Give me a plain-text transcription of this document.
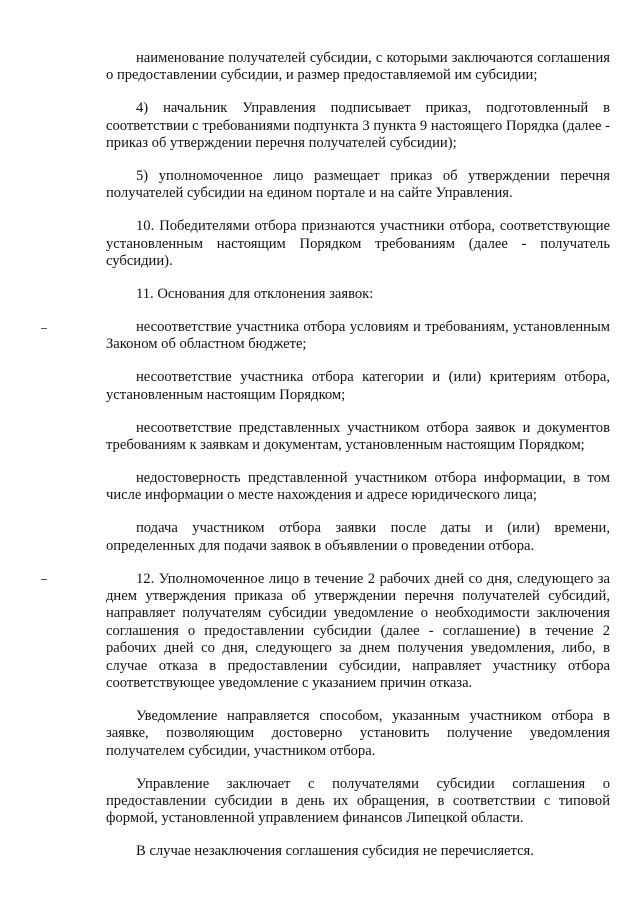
наименование получателей субсидии, с которыми заключаются соглашения о предоставлении субсидии, и размер предоставляемой им субсидии;

4) начальник Управления подписывает приказ, подготовленный в соответствии с требованиями подпункта 3 пункта 9 настоящего Порядка (далее - приказ об утверждении перечня получателей субсидии);

5) уполномоченное лицо размещает приказ об утверждении перечня получателей субсидии на едином портале и на сайте Управления.

10. Победителями отбора признаются участники отбора, соответствующие установленным настоящим Порядком требованиям (далее - получатель субсидии).

11. Основания для отклонения заявок:

несоответствие участника отбора условиям и требованиям, установленным Законом об областном бюджете;

несоответствие участника отбора категории и (или) критериям отбора, установленным настоящим Порядком;

несоответствие представленных участником отбора заявок и документов требованиям к заявкам и документам, установленным настоящим Порядком;

недостоверность представленной участником отбора информации, в том числе информации о месте нахождения и адресе юридического лица;

подача участником отбора заявки после даты и (или) времени, определенных для подачи заявок в объявлении о проведении отбора.

12. Уполномоченное лицо в течение 2 рабочих дней со дня, следующего за днем утверждения приказа об утверждении перечня получателей субсидий, направляет получателям субсидии уведомление о необходимости заключения соглашения о предоставлении субсидии (далее - соглашение) в течение 2 рабочих дней со дня, следующего за днем получения уведомления, либо, в случае отказа в предоставлении субсидии, направляет участнику отбора соответствующее уведомление с указанием причин отказа.

Уведомление направляется способом, указанным участником отбора в заявке, позволяющим достоверно установить получение уведомления получателем субсидии, участником отбора.

Управление заключает с получателями субсидии соглашения о предоставлении субсидии в день их обращения, в соответствии с типовой формой, установленной управлением финансов Липецкой области.

В случае незаключения соглашения субсидия не перечисляется.
